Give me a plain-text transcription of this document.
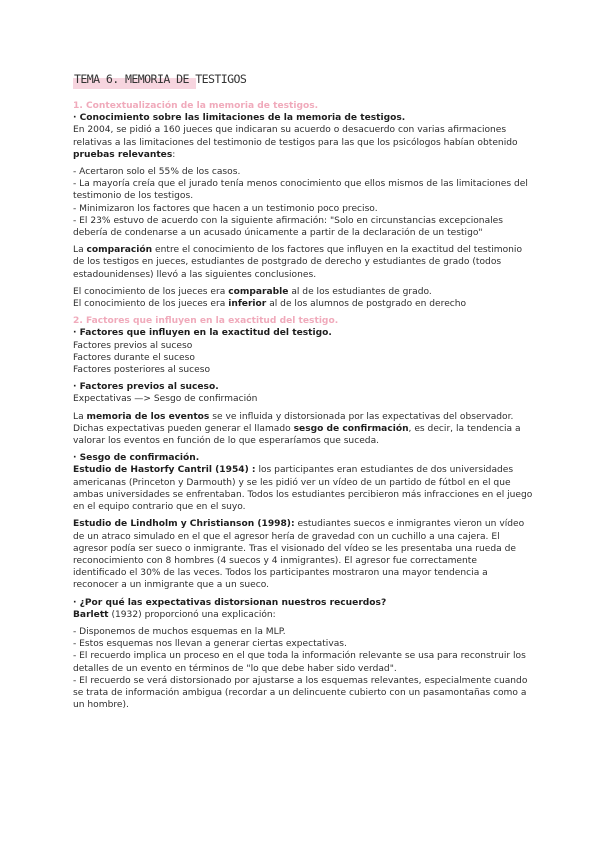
TEMA 6. MEMORIA DE TESTIGOS

1. Contextualización de la memoria de testigos.

· Conocimiento sobre las limitaciones de la memoria de testigos.

En 2004, se pidió a 160 jueces que indicaran su acuerdo o desacuerdo con varias afirmaciones relativas a las limitaciones del testimonio de testigos para las que los psicólogos habían obtenido pruebas relevantes:

- Acertaron solo el 55% de los casos.

- La mayoría creía que el jurado tenía menos conocimiento que ellos mismos de las limitaciones del testimonio de los testigos.

- Minimizaron los factores que hacen a un testimonio poco preciso.

- El 23% estuvo de acuerdo con la siguiente afirmación: "Solo en circunstancias excepcionales debería de condenarse a un acusado únicamente a partir de la declaración de un testigo"

La comparación entre el conocimiento de los factores que influyen en la exactitud del testimonio de los testigos en jueces, estudiantes de postgrado de derecho y estudiantes de grado (todos estadounidenses) llevó a las siguientes conclusiones.

El conocimiento de los jueces era comparable al de los estudiantes de grado.

El conocimiento de los jueces era inferior al de los alumnos de postgrado en derecho

2. Factores que influyen en la exactitud del testigo.

· Factores que influyen en la exactitud del testigo.

Factores previos al suceso

Factores durante el suceso

Factores posteriores al suceso

· Factores previos al suceso.

Expectativas —> Sesgo de confirmación

La memoria de los eventos se ve influida y distorsionada por las expectativas del observador. Dichas expectativas pueden generar el llamado sesgo de confirmación, es decir, la tendencia a valorar los eventos en función de lo que esperaríamos que suceda.

· Sesgo de confirmación.

Estudio de Hastorfy Cantril (1954) : los participantes eran estudiantes de dos universidades americanas (Princeton y Darmouth) y se les pidió ver un vídeo de un partido de fútbol en el que ambas universidades se enfrentaban. Todos los estudiantes percibieron más infracciones en el juego en el equipo contrario que en el suyo.

Estudio de Lindholm y Christianson (1998): estudiantes suecos e inmigrantes vieron un vídeo de un atraco simulado en el que el agresor hería de gravedad con un cuchillo a una cajera. El agresor podía ser sueco o inmigrante. Tras el visionado del vídeo se les presentaba una rueda de reconocimiento con 8 hombres (4 suecos y 4 inmigrantes). El agresor fue correctamente identificado el 30% de las veces. Todos los participantes mostraron una mayor tendencia a reconocer a un inmigrante que a un sueco.

· ¿Por qué las expectativas distorsionan nuestros recuerdos?

Barlett (1932) proporcionó una explicación:

- Disponemos de muchos esquemas en la MLP.

- Estos esquemas nos llevan a generar ciertas expectativas.

- El recuerdo implica un proceso en el que toda la información relevante se usa para reconstruir los detalles de un evento en términos de "lo que debe haber sido verdad".

- El recuerdo se verá distorsionado por ajustarse a los esquemas relevantes, especialmente cuando se trata de información ambigua (recordar a un delincuente cubierto con un pasamontañas como a un hombre).
